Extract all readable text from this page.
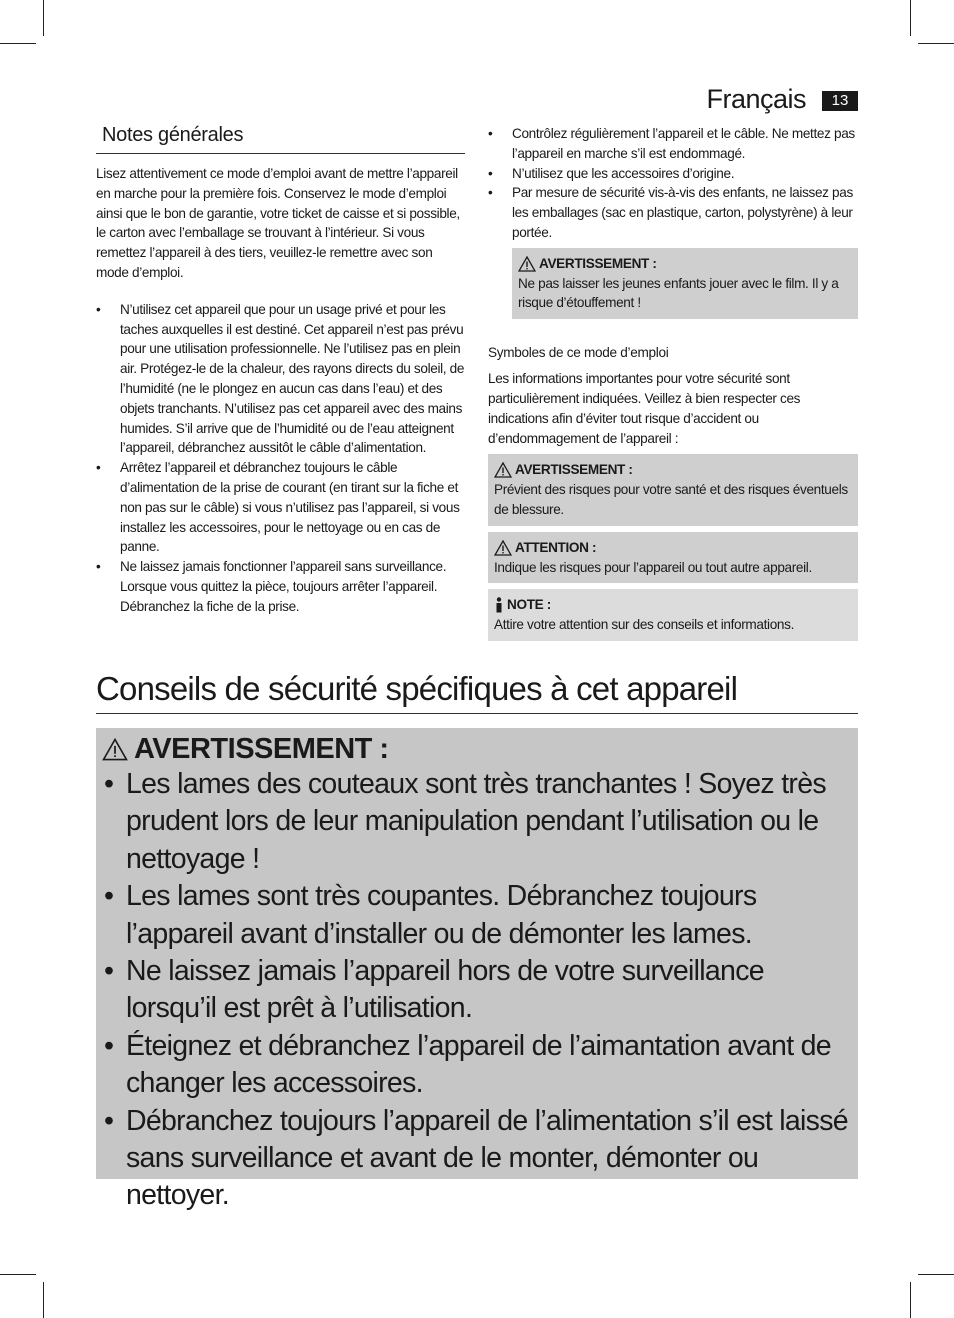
Français	13
Notes générales

Lisez attentivement ce mode d’emploi avant de mettre l’appareil en marche pour la première fois. Conservez le mode d’emploi ainsi que le bon de garantie, votre ticket de caisse et si possible, le carton avec l’emballage se trouvant à l’intérieur. Si vous remettez l’appareil à des tiers, veuillez-le remettre avec son mode d’emploi.

• N’utilisez cet appareil que pour un usage privé et pour les taches auxquelles il est destiné. Cet appareil n’est pas prévu pour une utilisation professionnelle. Ne l’utilisez pas en plein air. Protégez-le de la chaleur, des rayons directs du soleil, de l’humidité (ne le plongez en aucun cas dans l’eau) et des objets tranchants. N’utilisez pas cet appareil avec des mains humides. S’il arrive que de l’humidité ou de l’eau atteignent l’appareil, débranchez aussitôt le câble d’alimentation.
• Arrêtez l’appareil et débranchez toujours le câble d’alimentation de la prise de courant (en tirant sur la fiche et non pas sur le câble) si vous n’utilisez pas l’appareil, si vous installez les accessoires, pour le nettoyage ou en cas de panne.
• Ne laissez jamais fonctionner l’appareil sans surveillance. Lorsque vous quittez la pièce, toujours arrêter l’appareil. Débranchez la fiche de la prise.
• Contrôlez régulièrement l’appareil et le câble. Ne mettez pas l’appareil en marche s’il est endommagé.
• N’utilisez que les accessoires d’origine.
• Par mesure de sécurité vis-à-vis des enfants, ne laissez pas les emballages (sac en plastique, carton, polystyrène) à leur portée.
AVERTISSEMENT :
Ne pas laisser les jeunes enfants jouer avec le film. Il y a risque d’étouffement !
Symboles de ce mode d’emploi

Les informations importantes pour votre sécurité sont particulièrement indiquées. Veillez à bien respecter ces indications afin d’éviter tout risque d’accident ou d’endommagement de l’appareil :

AVERTISSEMENT :
Prévient des risques pour votre santé et des risques éventuels de blessure.
ATTENTION :
Indique les risques pour l’appareil ou tout autre appareil.
NOTE :
Attire votre attention sur des conseils et informations.
Conseils de sécurité spécifiques à cet appareil
AVERTISSEMENT :
• Les lames des couteaux sont très tranchantes ! Soyez très prudent lors de leur manipulation pendant l’utilisation ou le nettoyage !
• Les lames sont très coupantes. Débranchez toujours l’appareil avant d’installer ou de démonter les lames.
• Ne laissez jamais l’appareil hors de votre surveillance lorsqu’il est prêt à l’utilisation.
• Éteignez et débranchez l’appareil de l’aimantation avant de changer les accessoires.
• Débranchez toujours l’appareil de l’alimentation s’il est laissé sans surveillance et avant de le monter, démonter ou nettoyer.
